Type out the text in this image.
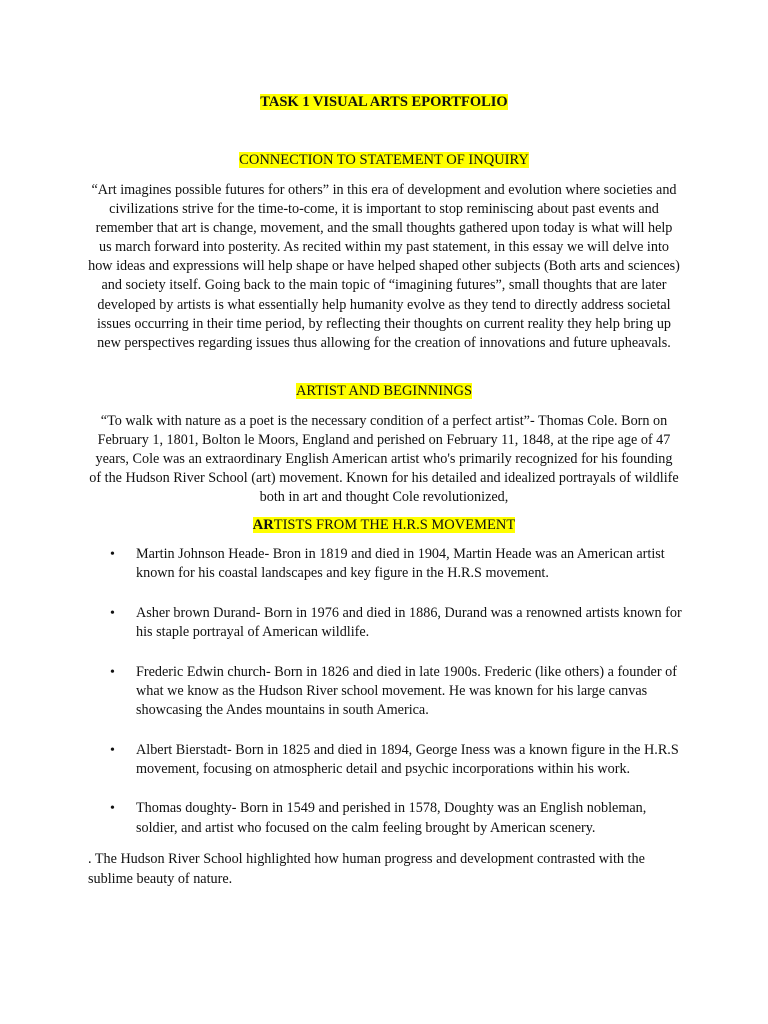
TASK 1 VISUAL ARTS EPORTFOLIO
CONNECTION TO STATEMENT OF INQUIRY
“Art imagines possible futures for others” in this era of development and evolution where societies and civilizations strive for the time-to-come, it is important to stop reminiscing about past events and remember that art is change, movement, and the small thoughts gathered upon today is what will help us march forward into posterity. As recited within my past statement, in this essay we will delve into how ideas and expressions will help shape or have helped shaped other subjects (Both arts and sciences) and society itself. Going back to the main topic of “imagining futures”, small thoughts that are later developed by artists is what essentially help humanity evolve as they tend to directly address societal issues occurring in their time period, by reflecting their thoughts on current reality they help bring up new perspectives regarding issues thus allowing for the creation of innovations and future upheavals.
ARTIST AND BEGINNINGS
“To walk with nature as a poet is the necessary condition of a perfect artist”- Thomas Cole. Born on February 1, 1801, Bolton le Moors, England and perished on February 11, 1848, at the ripe age of 47 years, Cole was an extraordinary English American artist who's primarily recognized for his founding of the Hudson River School (art) movement. Known for his detailed and idealized portrayals of wildlife both in art and thought Cole revolutionized,
ARTISTS FROM THE H.R.S MOVEMENT
• Martin Johnson Heade- Bron in 1819 and died in 1904, Martin Heade was an American artist known for his coastal landscapes and key figure in the H.R.S movement.
• Asher brown Durand- Born in 1976 and died in 1886, Durand was a renowned artists known for his staple portrayal of American wildlife.
• Frederic Edwin church- Born in 1826 and died in late 1900s. Frederic (like others) a founder of what we know as the Hudson River school movement. He was known for his large canvas showcasing the Andes mountains in south America.
• Albert Bierstadt- Born in 1825 and died in 1894, George Iness was a known figure in the H.R.S movement, focusing on atmospheric detail and psychic incorporations within his work.
• Thomas doughty- Born in 1549 and perished in 1578, Doughty was an English nobleman, soldier, and artist who focused on the calm feeling brought by American scenery.
. The Hudson River School highlighted how human progress and development contrasted with the sublime beauty of nature.
